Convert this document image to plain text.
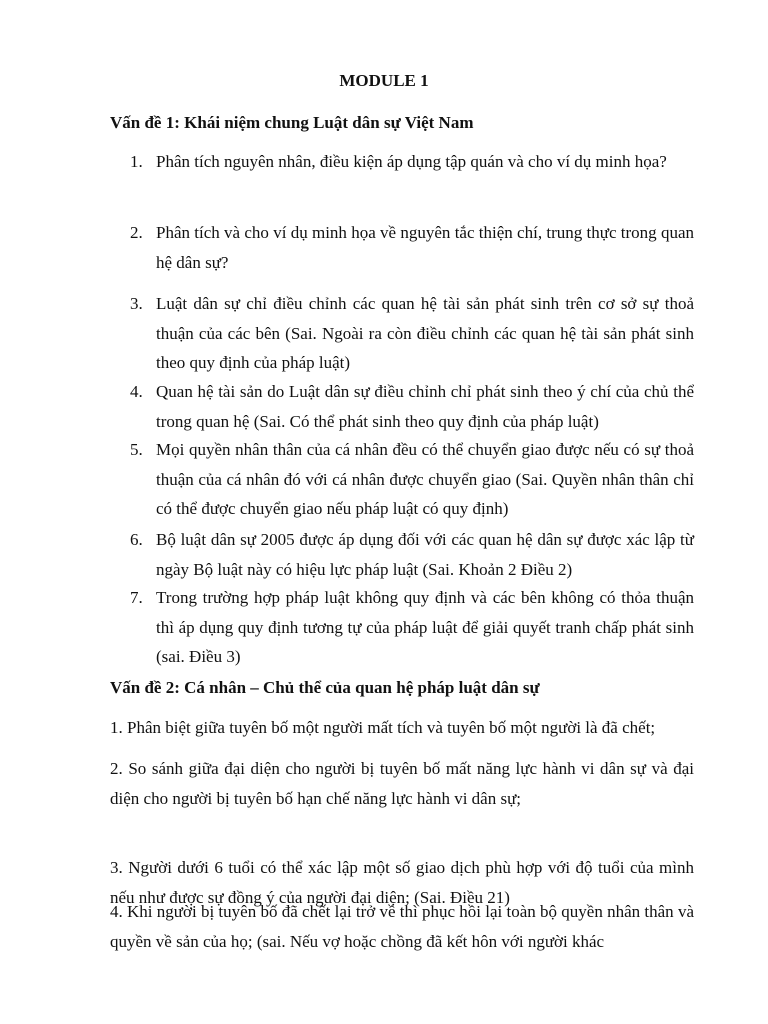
MODULE 1
Vấn đề 1: Khái niệm chung Luật dân sự Việt Nam
1. Phân tích nguyên nhân, điều kiện áp dụng tập quán và cho ví dụ minh họa?
2. Phân tích và cho ví dụ minh họa về nguyên tắc thiện chí, trung thực trong quan hệ dân sự?
3. Luật dân sự chỉ điều chỉnh các quan hệ tài sản phát sinh trên cơ sở sự thoả thuận của các bên (Sai. Ngoài ra còn điều chỉnh các quan hệ tài sản phát sinh theo quy định của pháp luật)
4. Quan hệ tài sản do Luật dân sự điều chỉnh chỉ phát sinh theo ý chí của chủ thể trong quan hệ (Sai. Có thể phát sinh theo quy định của pháp luật)
5. Mọi quyền nhân thân của cá nhân đều có thể chuyển giao được nếu có sự thoả thuận của cá nhân đó với cá nhân được chuyển giao (Sai. Quyền nhân thân chỉ có thể được chuyển giao nếu pháp luật có quy định)
6. Bộ luật dân sự 2005 được áp dụng đối với các quan hệ dân sự được xác lập từ ngày Bộ luật này có hiệu lực pháp luật (Sai. Khoản 2 Điều 2)
7. Trong trường hợp pháp luật không quy định và các bên không có thỏa thuận thì áp dụng quy định tương tự của pháp luật để giải quyết tranh chấp phát sinh (sai. Điều 3)
Vấn đề 2: Cá nhân – Chủ thể của quan hệ pháp luật dân sự
1. Phân biệt giữa tuyên bố một người mất tích và tuyên bố một người là đã chết;
2. So sánh giữa đại diện cho người bị tuyên bố mất năng lực hành vi dân sự và đại diện cho người bị tuyên bố hạn chế năng lực hành vi dân sự;
3. Người dưới 6 tuổi có thể xác lập một số giao dịch phù hợp với độ tuổi của mình nếu như được sự đồng ý của người đại diện; (Sai. Điều 21)
4. Khi người bị tuyên bố đã chết lại trở về thì phục hồi lại toàn bộ quyền nhân thân và quyền về sản của họ; (sai. Nếu vợ hoặc chồng đã kết hôn với người khác
